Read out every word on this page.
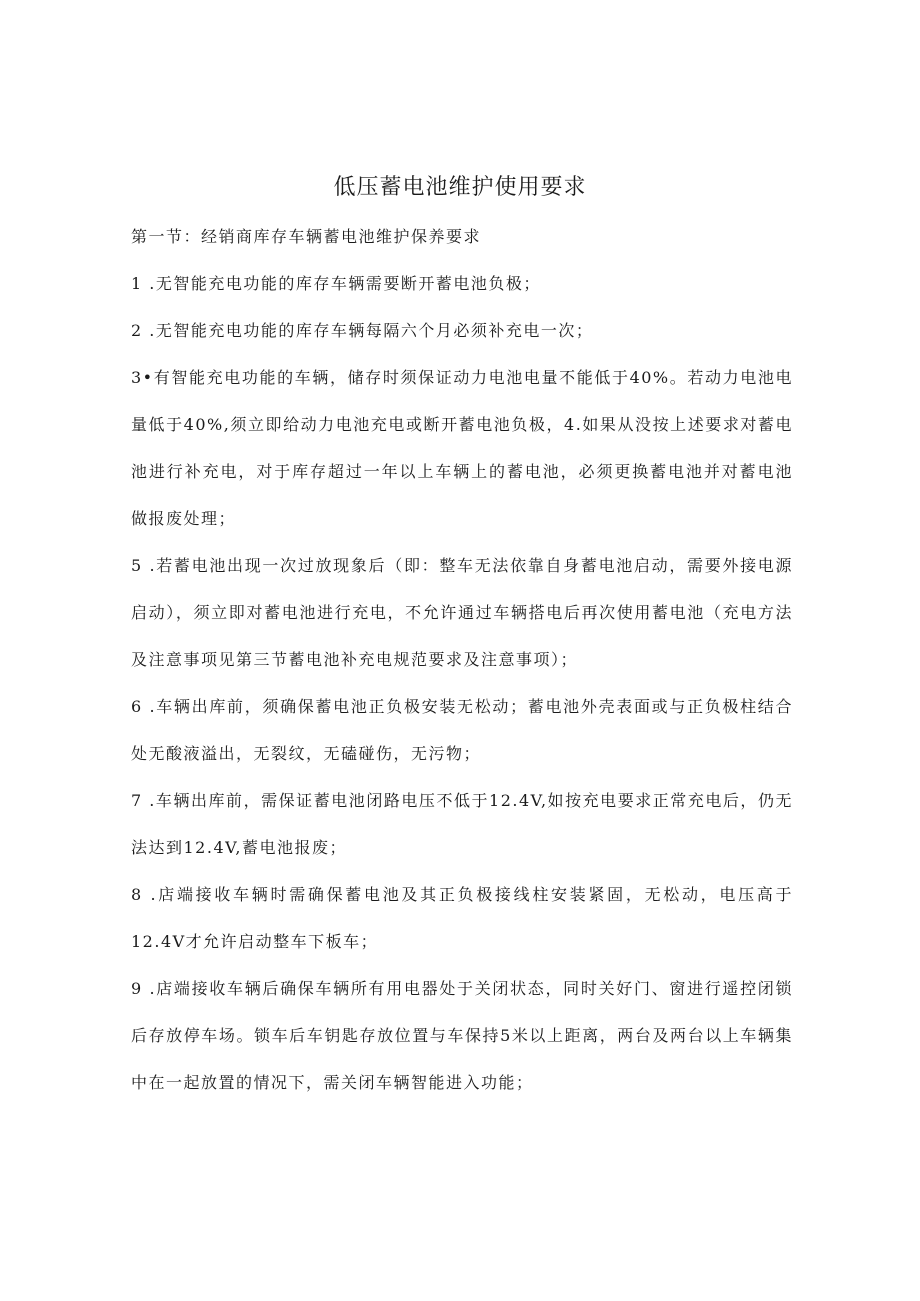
低压蓄电池维护使用要求

第一节：经销商库存车辆蓄电池维护保养要求

1 .无智能充电功能的库存车辆需要断开蓄电池负极；

2 .无智能充电功能的库存车辆每隔六个月必须补充电一次；

3•有智能充电功能的车辆，储存时须保证动力电池电量不能低于40%。若动力电池电量低于40%,须立即给动力电池充电或断开蓄电池负极，4.如果从没按上述要求对蓄电池进行补充电，对于库存超过一年以上车辆上的蓄电池，必须更换蓄电池并对蓄电池做报废处理；

5 .若蓄电池出现一次过放现象后（即：整车无法依靠自身蓄电池启动，需要外接电源启动），须立即对蓄电池进行充电，不允许通过车辆搭电后再次使用蓄电池（充电方法及注意事项见第三节蓄电池补充电规范要求及注意事项）；

6 .车辆出库前，须确保蓄电池正负极安装无松动；蓄电池外壳表面或与正负极柱结合处无酸液溢出，无裂纹，无磕碰伤，无污物；

7 .车辆出库前，需保证蓄电池闭路电压不低于12.4V,如按充电要求正常充电后，仍无法达到12.4V,蓄电池报废；

8 .店端接收车辆时需确保蓄电池及其正负极接线柱安装紧固，无松动，电压高于12.4V才允许启动整车下板车；

9 .店端接收车辆后确保车辆所有用电器处于关闭状态，同时关好门、窗进行遥控闭锁后存放停车场。锁车后车钥匙存放位置与车保持5米以上距离，两台及两台以上车辆集中在一起放置的情况下，需关闭车辆智能进入功能；
